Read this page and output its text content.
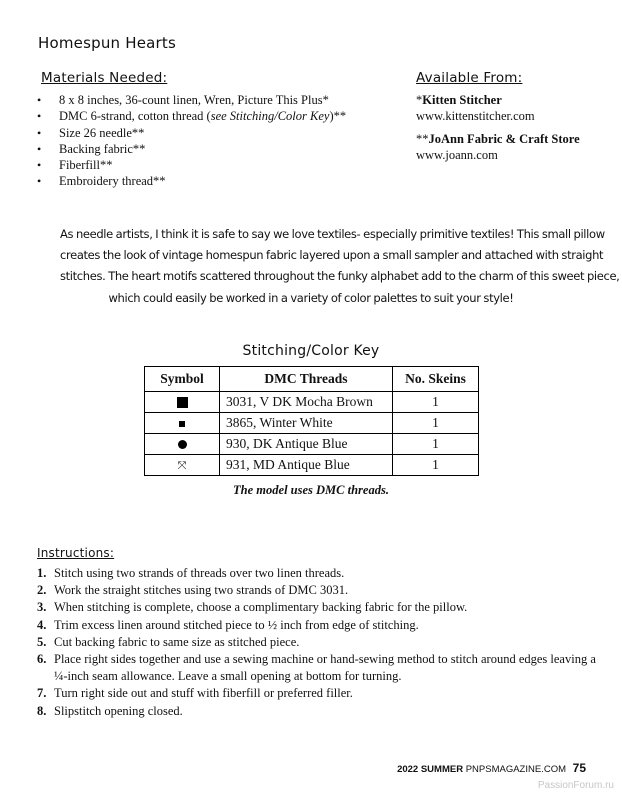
Homespun Hearts
Materials Needed:
• 8 x 8 inches, 36-count linen, Wren, Picture This Plus*
• DMC 6-strand, cotton thread (see Stitching/Color Key)**
• Size 26 needle**
• Backing fabric**
• Fiberfill**
• Embroidery thread**
Available From:
*Kitten Stitcher
www.kittenstitcher.com
**JoAnn Fabric & Craft Store
www.joann.com
As needle artists, I think it is safe to say we love textiles- especially primitive textiles! This small pillow
creates the look of vintage homespun fabric layered upon a small sampler and attached with straight
stitches. The heart motifs scattered throughout the funky alphabet add to the charm of this sweet piece,
which could easily be worked in a variety of color palettes to suit your style!
Stitching/Color Key
Symbol	DMC Threads	No. Skeins
	3031, V DK Mocha Brown	1
	3865, Winter White	1
	930, DK Antique Blue	1
⤧	931, MD Antique Blue	1
The model uses DMC threads.
Instructions:
1. Stitch using two strands of threads over two linen threads.
2. Work the straight stitches using two strands of DMC 3031.
3. When stitching is complete, choose a complimentary backing fabric for the pillow.
4. Trim excess linen around stitched piece to ½ inch from edge of stitching.
5. Cut backing fabric to same size as stitched piece.
6. Place right sides together and use a sewing machine or hand-sewing method to stitch around edges leaving a ¼-inch seam allowance. Leave a small opening at bottom for turning.
7. Turn right side out and stuff with fiberfill or preferred filler.
8. Slipstitch opening closed.
2022 SUMMER PNPSMAGAZINE.COM 75
PassionForum.ru
